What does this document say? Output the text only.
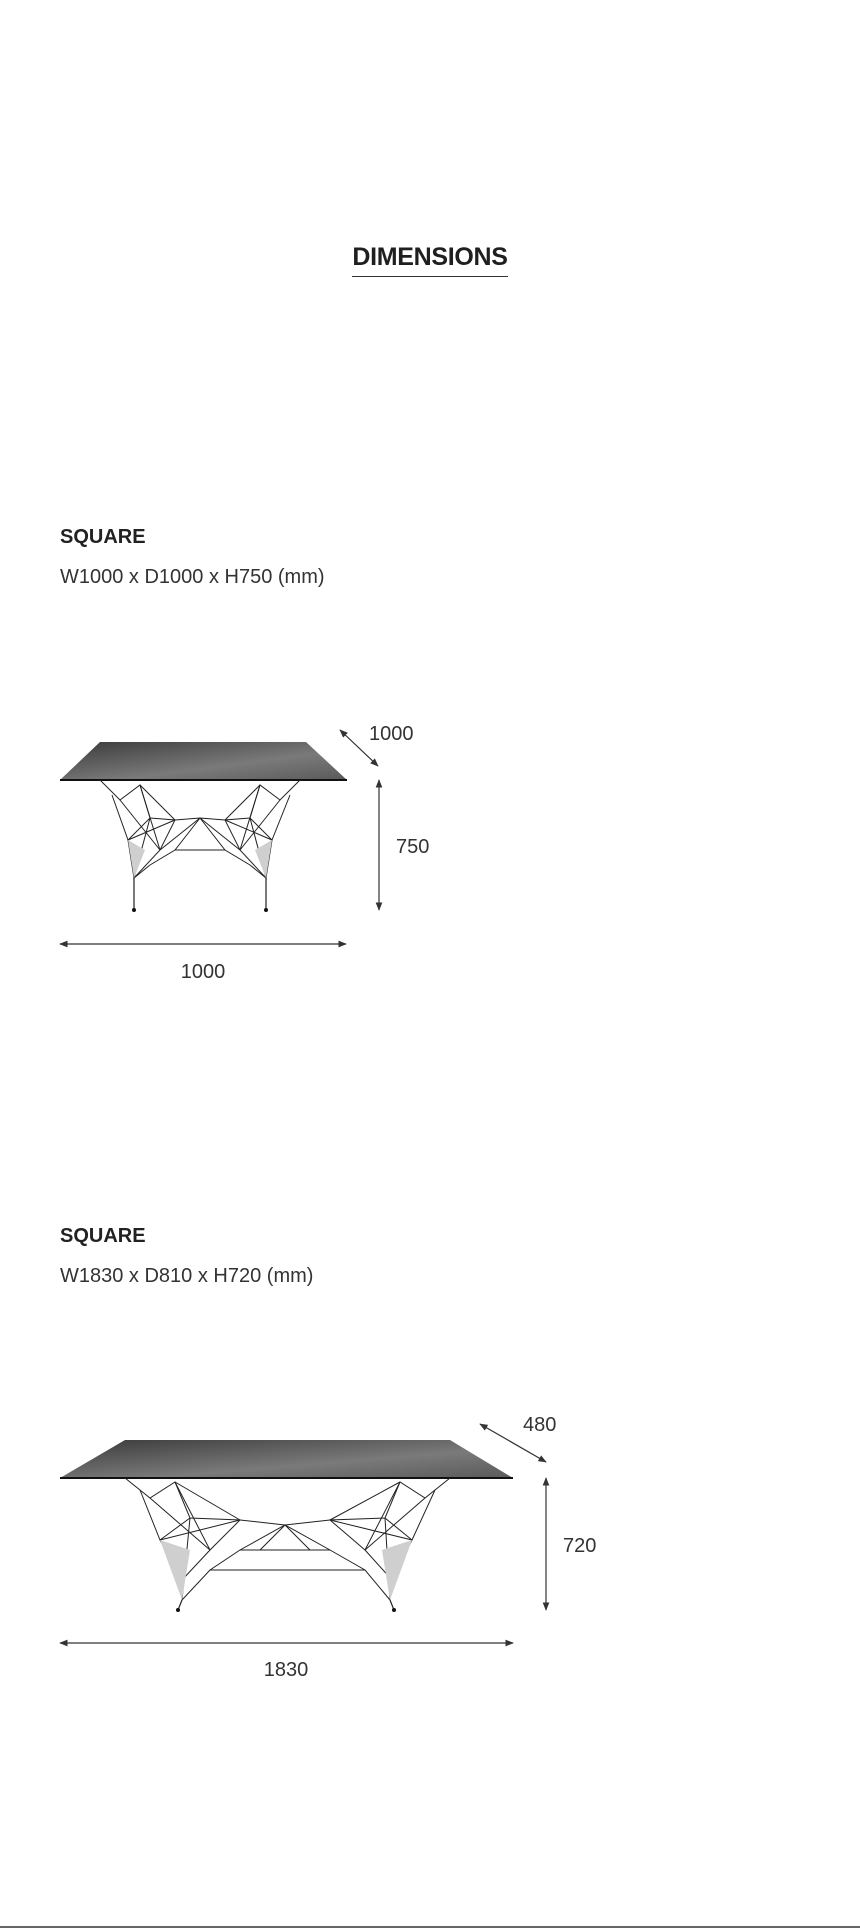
DIMENSIONS
SQUARE

W1000 x D1000 x H750 (mm)

1000
750
1000
SQUARE

W1830 x D810 x H720 (mm)

480
720
1830
